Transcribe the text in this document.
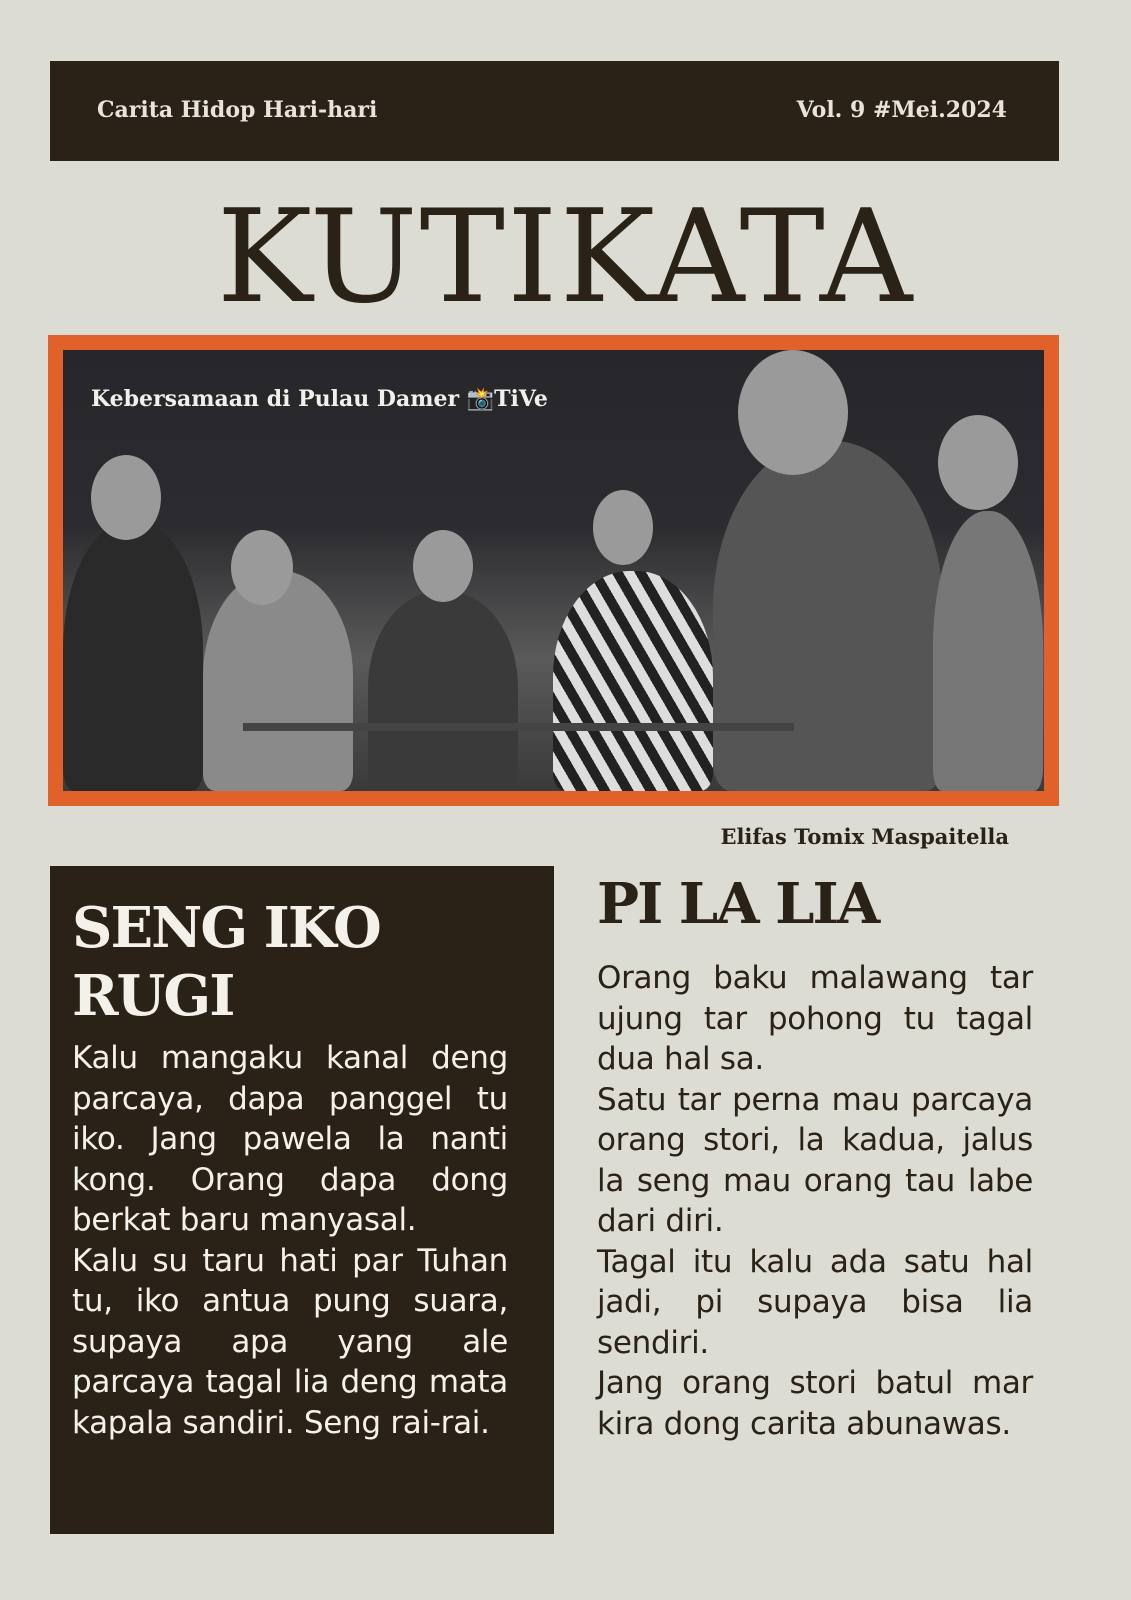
Carita Hidop Hari-hari	Vol. 9 #Mei.2024
KUTIKATA
Kebersamaan di Pulau Damer 📸TiVe
Elifas Tomix Maspaitella
SENG IKO RUGI

Kalu mangaku kanal deng parcaya, dapa panggel tu iko. Jang pawela la nanti kong. Orang dapa dong berkat baru manyasal.

Kalu su taru hati par Tuhan tu, iko antua pung suara, supaya apa yang ale parcaya tagal lia deng mata kapala sandiri. Seng rai-rai.

PI LA LIA

Orang baku malawang tar ujung tar pohong tu tagal dua hal sa.

Satu tar perna mau parcaya orang stori, la kadua, jalus la seng mau orang tau labe dari diri.

Tagal itu kalu ada satu hal jadi, pi supaya bisa lia sendiri.

Jang orang stori batul mar kira dong carita abunawas.
